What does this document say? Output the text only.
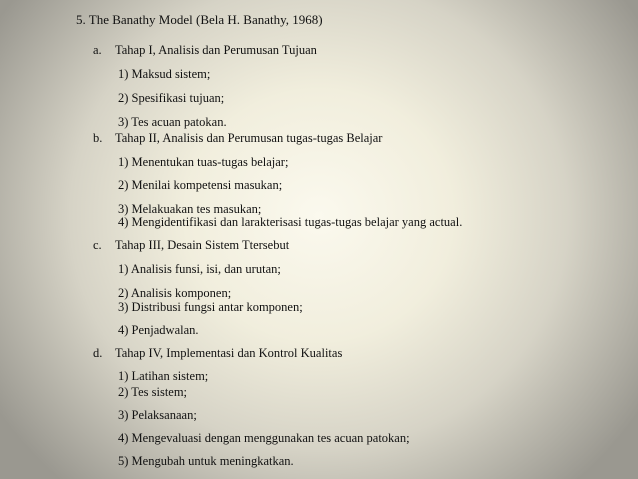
5. The Banathy Model (Bela H. Banathy, 1968)
a. Tahap I, Analisis dan Perumusan Tujuan
1) Maksud sistem;
2) Spesifikasi tujuan;
3) Tes acuan patokan.
b. Tahap II, Analisis dan Perumusan tugas-tugas Belajar
1) Menentukan tuas-tugas belajar;
2) Menilai kompetensi masukan;
3) Melakuakan tes masukan;
4) Mengidentifikasi dan larakterisasi tugas-tugas belajar yang actual.
c. Tahap III, Desain Sistem Ttersebut
1) Analisis funsi, isi, dan urutan;
2) Analisis komponen;
3) Distribusi fungsi antar komponen;
4) Penjadwalan.
d. Tahap IV, Implementasi dan Kontrol Kualitas
1) Latihan sistem;
2) Tes sistem;
3) Pelaksanaan;
4) Mengevaluasi dengan menggunakan tes acuan patokan;
5) Mengubah untuk meningkatkan.
